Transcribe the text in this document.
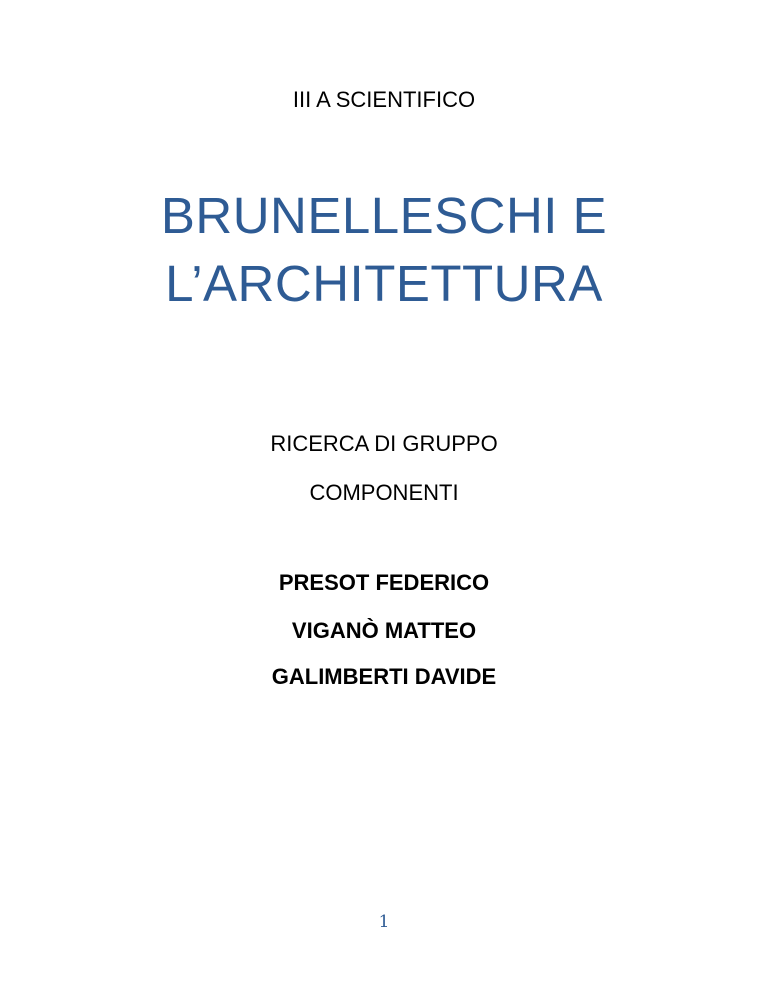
III A SCIENTIFICO
BRUNELLESCHI E
L’ARCHITETTURA
RICERCA DI GRUPPO
COMPONENTI
PRESOT FEDERICO
VIGANÒ MATTEO
GALIMBERTI DAVIDE
1
